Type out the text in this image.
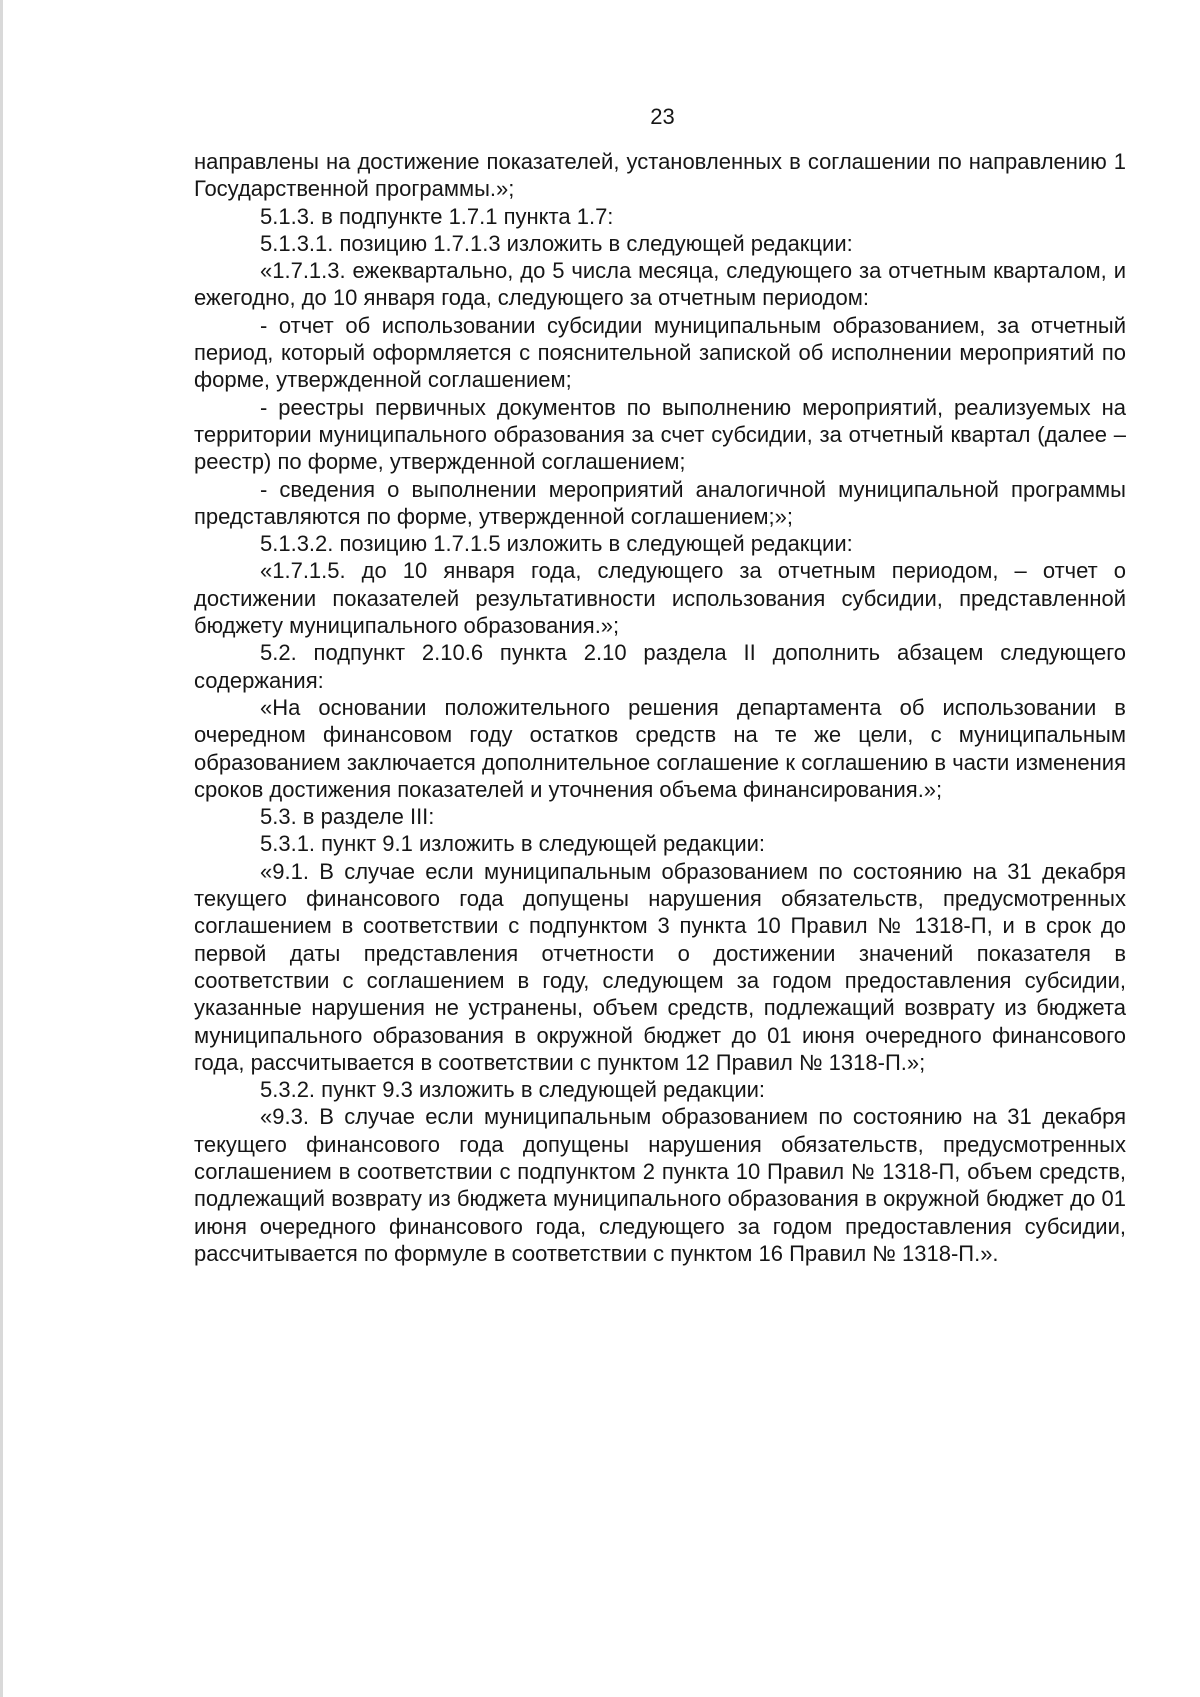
23

направлены на достижение показателей, установленных в соглашении по направлению 1 Государственной программы.»;

5.1.3. в подпункте 1.7.1 пункта 1.7:

5.1.3.1. позицию 1.7.1.3 изложить в следующей редакции:

«1.7.1.3. ежеквартально, до 5 числа месяца, следующего за отчетным кварталом, и ежегодно, до 10 января года, следующего за отчетным периодом:

- отчет об использовании субсидии муниципальным образованием, за отчетный период, который оформляется с пояснительной запиской об исполнении мероприятий по форме, утвержденной соглашением;

- реестры первичных документов по выполнению мероприятий, реализуемых на территории муниципального образования за счет субсидии, за отчетный квартал (далее – реестр) по форме, утвержденной соглашением;

- сведения о выполнении мероприятий аналогичной муниципальной программы представляются по форме, утвержденной соглашением;»;

5.1.3.2. позицию 1.7.1.5 изложить в следующей редакции:

«1.7.1.5. до 10 января года, следующего за отчетным периодом, – отчет о достижении показателей результативности использования субсидии, представленной бюджету муниципального образования.»;

5.2. подпункт 2.10.6 пункта 2.10 раздела II дополнить абзацем следующего содержания:

«На основании положительного решения департамента об использовании в очередном финансовом году остатков средств на те же цели, с муниципальным образованием заключается дополнительное соглашение к соглашению в части изменения сроков достижения показателей и уточнения объема финансирования.»;

5.3. в разделе III:

5.3.1. пункт 9.1 изложить в следующей редакции:

«9.1. В случае если муниципальным образованием по состоянию на 31 декабря текущего финансового года допущены нарушения обязательств, предусмотренных соглашением в соответствии с подпунктом 3 пункта 10 Правил № 1318-П, и в срок до первой даты представления отчетности о достижении значений показателя в соответствии с соглашением в году, следующем за годом предоставления субсидии, указанные нарушения не устранены, объем средств, подлежащий возврату из бюджета муниципального образования в окружной бюджет до 01 июня очередного финансового года, рассчитывается в соответствии с пунктом 12 Правил № 1318-П.»;

5.3.2. пункт 9.3 изложить в следующей редакции:

«9.3. В случае если муниципальным образованием по состоянию на 31 декабря текущего финансового года допущены нарушения обязательств, предусмотренных соглашением в соответствии с подпунктом 2 пункта 10 Правил № 1318-П, объем средств, подлежащий возврату из бюджета муниципального образования в окружной бюджет до 01 июня очередного финансового года, следующего за годом предоставления субсидии, рассчитывается по формуле в соответствии с пунктом 16 Правил № 1318-П.».
